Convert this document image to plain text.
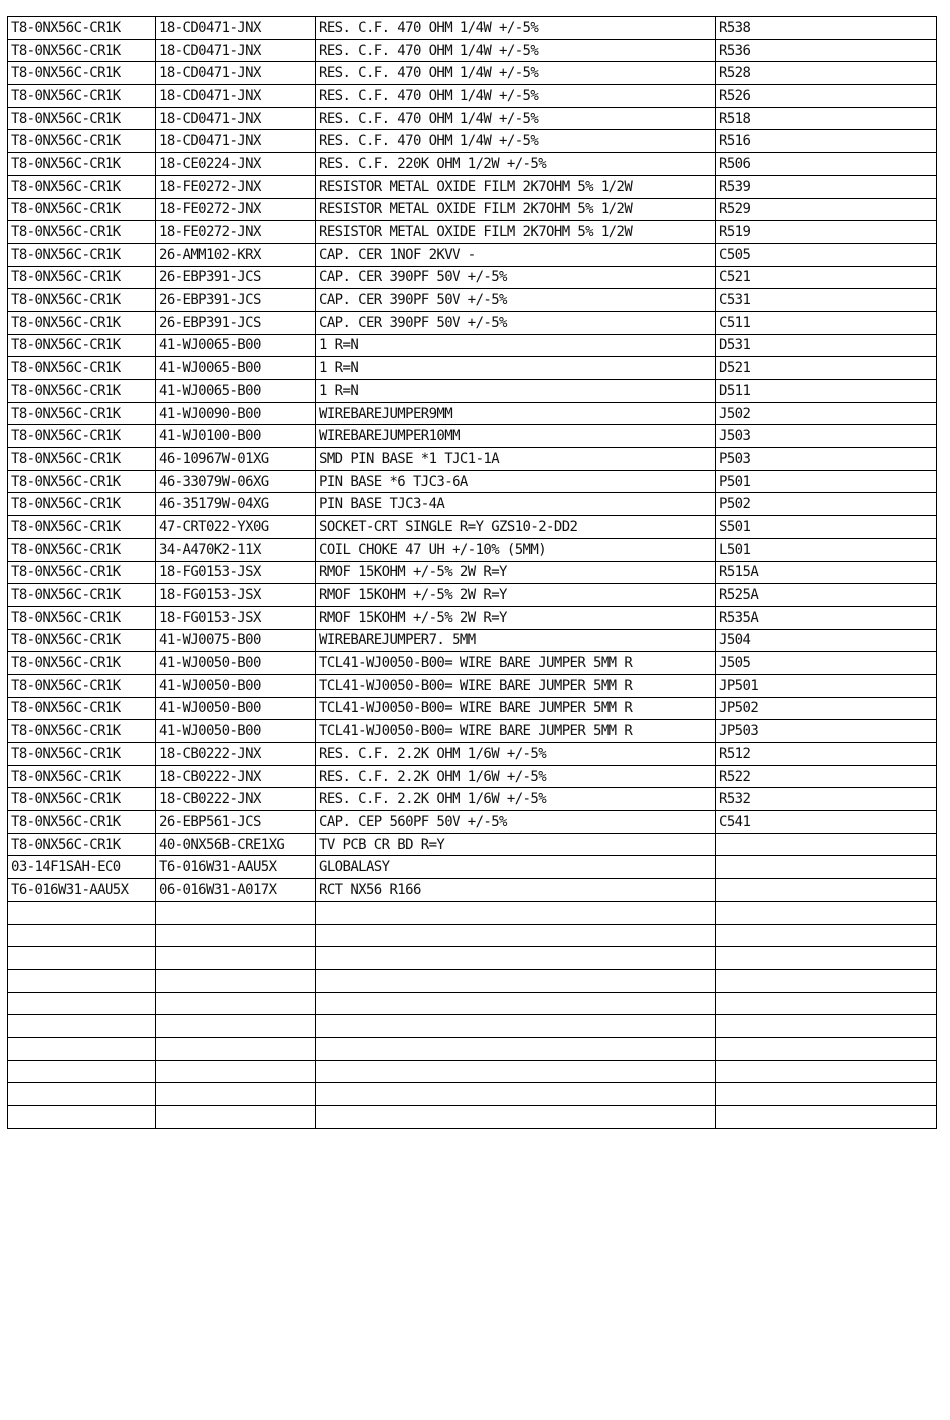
T8-0NX56C-CR1K	18-CD0471-JNX	RES. C.F. 470 OHM 1/4W +/-5%	R538
T8-0NX56C-CR1K	18-CD0471-JNX	RES. C.F. 470 OHM 1/4W +/-5%	R536
T8-0NX56C-CR1K	18-CD0471-JNX	RES. C.F. 470 OHM 1/4W +/-5%	R528
T8-0NX56C-CR1K	18-CD0471-JNX	RES. C.F. 470 OHM 1/4W +/-5%	R526
T8-0NX56C-CR1K	18-CD0471-JNX	RES. C.F. 470 OHM 1/4W +/-5%	R518
T8-0NX56C-CR1K	18-CD0471-JNX	RES. C.F. 470 OHM 1/4W +/-5%	R516
T8-0NX56C-CR1K	18-CE0224-JNX	RES. C.F. 220K OHM 1/2W +/-5%	R506
T8-0NX56C-CR1K	18-FE0272-JNX	RESISTOR METAL OXIDE FILM 2K7OHM 5% 1/2W	R539
T8-0NX56C-CR1K	18-FE0272-JNX	RESISTOR METAL OXIDE FILM 2K7OHM 5% 1/2W	R529
T8-0NX56C-CR1K	18-FE0272-JNX	RESISTOR METAL OXIDE FILM 2K7OHM 5% 1/2W	R519
T8-0NX56C-CR1K	26-AMM102-KRX	CAP. CER 1NOF 2KVV -	C505
T8-0NX56C-CR1K	26-EBP391-JCS	CAP. CER 390PF 50V +/-5%	C521
T8-0NX56C-CR1K	26-EBP391-JCS	CAP. CER 390PF 50V +/-5%	C531
T8-0NX56C-CR1K	26-EBP391-JCS	CAP. CER 390PF 50V +/-5%	C511
T8-0NX56C-CR1K	41-WJ0065-B00	1 R=N	D531
T8-0NX56C-CR1K	41-WJ0065-B00	1 R=N	D521
T8-0NX56C-CR1K	41-WJ0065-B00	1 R=N	D511
T8-0NX56C-CR1K	41-WJ0090-B00	WIREBAREJUMPER9MM	J502
T8-0NX56C-CR1K	41-WJ0100-B00	WIREBAREJUMPER10MM	J503
T8-0NX56C-CR1K	46-10967W-01XG	SMD PIN BASE *1 TJC1-1A	P503
T8-0NX56C-CR1K	46-33079W-06XG	PIN BASE *6 TJC3-6A	P501
T8-0NX56C-CR1K	46-35179W-04XG	PIN BASE TJC3-4A	P502
T8-0NX56C-CR1K	47-CRT022-YX0G	SOCKET-CRT SINGLE R=Y GZS10-2-DD2	S501
T8-0NX56C-CR1K	34-A470K2-11X	COIL CHOKE 47 UH +/-10% (5MM)	L501
T8-0NX56C-CR1K	18-FG0153-JSX	RMOF 15KOHM +/-5% 2W R=Y	R515A
T8-0NX56C-CR1K	18-FG0153-JSX	RMOF 15KOHM +/-5% 2W R=Y	R525A
T8-0NX56C-CR1K	18-FG0153-JSX	RMOF 15KOHM +/-5% 2W R=Y	R535A
T8-0NX56C-CR1K	41-WJ0075-B00	WIREBAREJUMPER7. 5MM	J504
T8-0NX56C-CR1K	41-WJ0050-B00	TCL41-WJ0050-B00= WIRE BARE JUMPER 5MM R	J505
T8-0NX56C-CR1K	41-WJ0050-B00	TCL41-WJ0050-B00= WIRE BARE JUMPER 5MM R	JP501
T8-0NX56C-CR1K	41-WJ0050-B00	TCL41-WJ0050-B00= WIRE BARE JUMPER 5MM R	JP502
T8-0NX56C-CR1K	41-WJ0050-B00	TCL41-WJ0050-B00= WIRE BARE JUMPER 5MM R	JP503
T8-0NX56C-CR1K	18-CB0222-JNX	RES. C.F. 2.2K OHM 1/6W +/-5%	R512
T8-0NX56C-CR1K	18-CB0222-JNX	RES. C.F. 2.2K OHM 1/6W +/-5%	R522
T8-0NX56C-CR1K	18-CB0222-JNX	RES. C.F. 2.2K OHM 1/6W +/-5%	R532
T8-0NX56C-CR1K	26-EBP561-JCS	CAP. CEP 560PF 50V +/-5%	C541
T8-0NX56C-CR1K	40-0NX56B-CRE1XG	TV PCB CR BD R=Y	
03-14F1SAH-EC0	T6-016W31-AAU5X	GLOBALASY	
T6-016W31-AAU5X	06-016W31-A017X	RCT NX56 R166	
